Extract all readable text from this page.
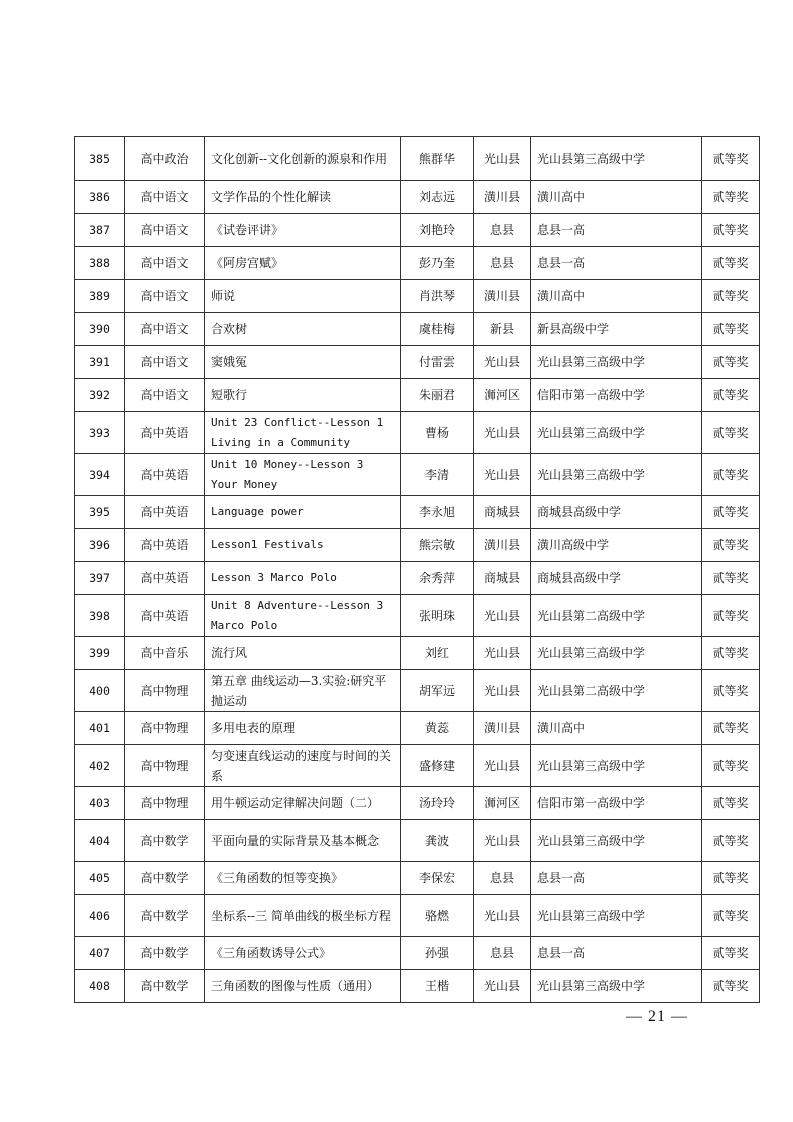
385	高中政治	文化创新--文化创新的源泉和作用	熊群华	光山县	光山县第三高级中学	贰等奖
386	高中语文	文学作品的个性化解读	刘志远	潢川县	潢川高中	贰等奖
387	高中语文	《试卷评讲》	刘艳玲	息县	息县一高	贰等奖
388	高中语文	《阿房宫赋》	彭乃奎	息县	息县一高	贰等奖
389	高中语文	师说	肖洪琴	潢川县	潢川高中	贰等奖
390	高中语文	合欢树	虞桂梅	新县	新县高级中学	贰等奖
391	高中语文	窦娥冤	付雷雲	光山县	光山县第三高级中学	贰等奖
392	高中语文	短歌行	朱丽君	浉河区	信阳市第一高级中学	贰等奖
393	高中英语	Unit 23 Conflict--Lesson 1 Living in a Community	曹杨	光山县	光山县第三高级中学	贰等奖
394	高中英语	Unit 10 Money--Lesson 3 Your Money	李清	光山县	光山县第三高级中学	贰等奖
395	高中英语	Language power	李永旭	商城县	商城县高级中学	贰等奖
396	高中英语	Lesson1 Festivals	熊宗敏	潢川县	潢川高级中学	贰等奖
397	高中英语	Lesson 3 Marco Polo	余秀萍	商城县	商城县高级中学	贰等奖
398	高中英语	Unit 8 Adventure--Lesson 3 Marco Polo	张明珠	光山县	光山县第二高级中学	贰等奖
399	高中音乐	流行风	刘红	光山县	光山县第三高级中学	贰等奖
400	高中物理	第五章 曲线运动—3.实验:研究平抛运动	胡军远	光山县	光山县第二高级中学	贰等奖
401	高中物理	多用电表的原理	黄蕊	潢川县	潢川高中	贰等奖
402	高中物理	匀变速直线运动的速度与时间的关系	盛修建	光山县	光山县第三高级中学	贰等奖
403	高中物理	用牛顿运动定律解决问题（二）	汤玲玲	浉河区	信阳市第一高级中学	贰等奖
404	高中数学	平面向量的实际背景及基本概念	龚波	光山县	光山县第三高级中学	贰等奖
405	高中数学	《三角函数的恒等变换》	李保宏	息县	息县一高	贰等奖
406	高中数学	坐标系--三 简单曲线的极坐标方程	骆燃	光山县	光山县第三高级中学	贰等奖
407	高中数学	《三角函数诱导公式》	孙强	息县	息县一高	贰等奖
408	高中数学	三角函数的图像与性质（通用）	王楷	光山县	光山县第三高级中学	贰等奖
— 21 —
